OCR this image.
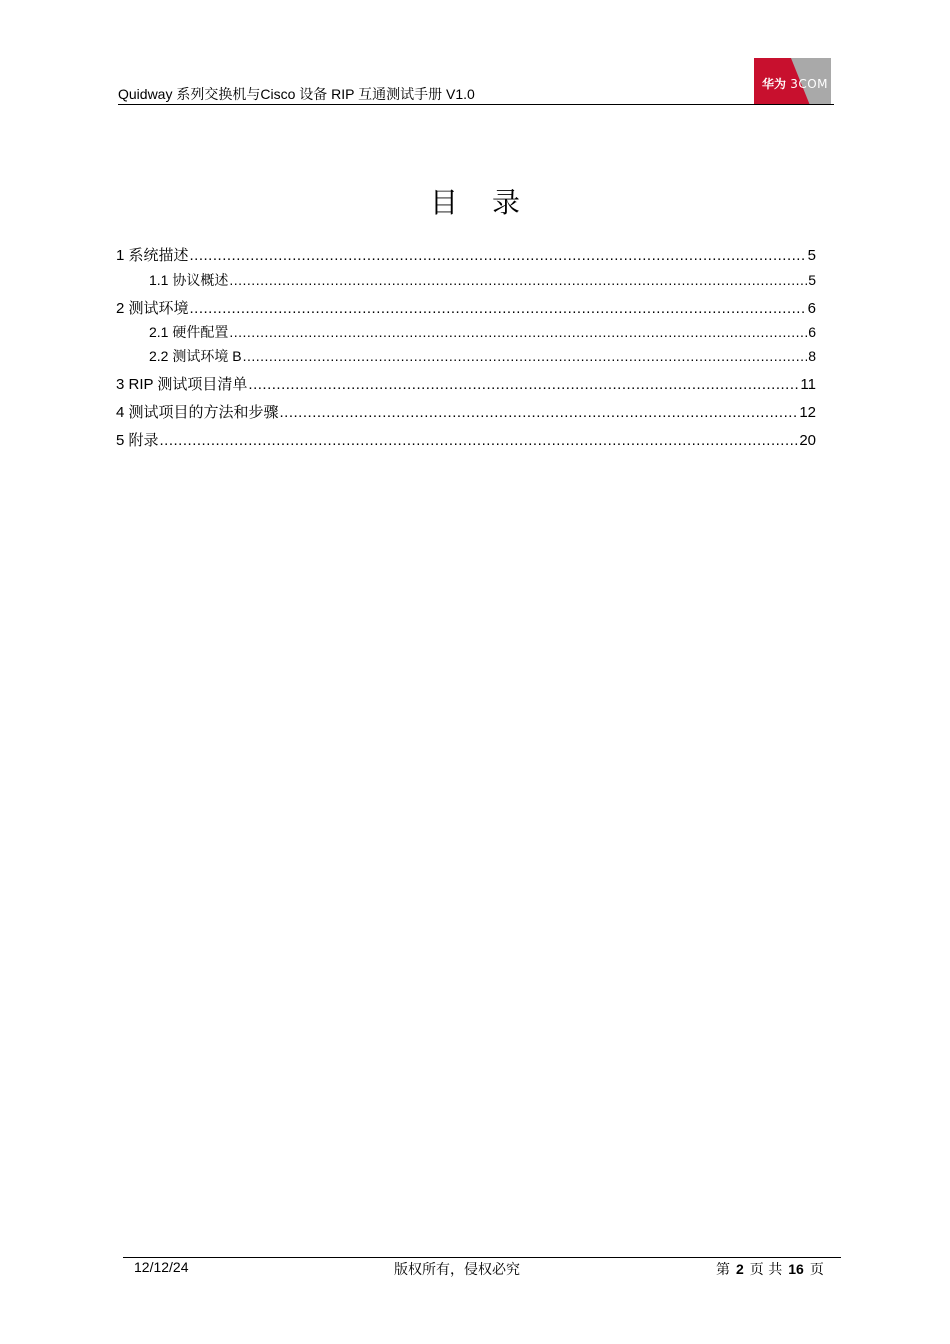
Quidway 系列交换机与Cisco 设备 RIP 互通测试手册 V1.0
华为 3COM
目录
1 系统描述 .....	5
1.1 协议概述 .....	5
2 测试环境 .....	6
2.1 硬件配置 .....	6
2.2 测试环境 B .....	8
3 RIP 测试项目清单 .....	11
4 测试项目的方法和步骤 .....	12
5 附录 .....	20
12/12/24	版权所有，侵权必究	第 2 页 共 16 页
